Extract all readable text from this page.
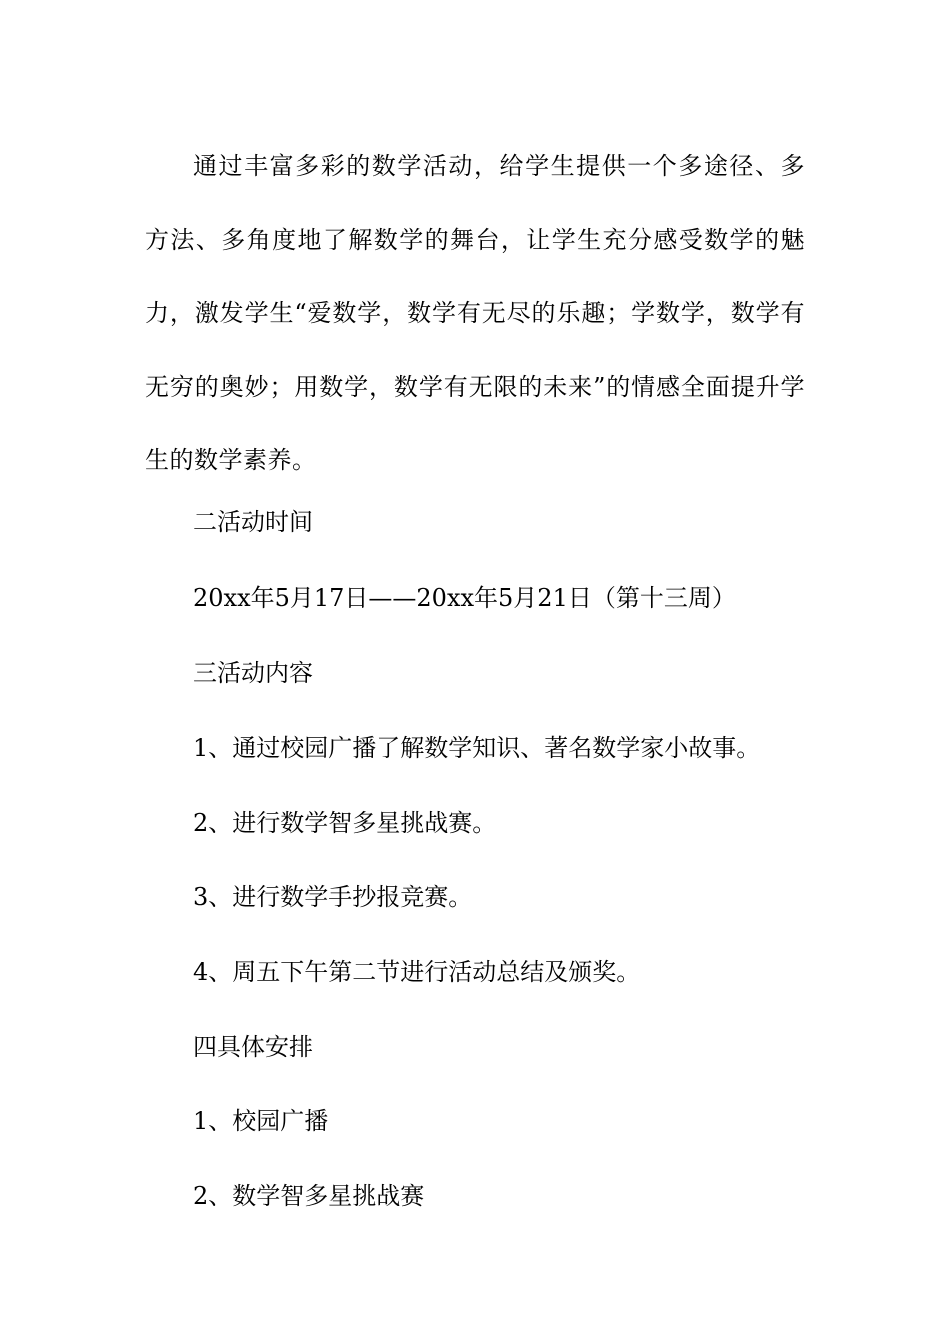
通过丰富多彩的数学活动，给学生提供一个多途径、多方法、多角度地了解数学的舞台，让学生充分感受数学的魅力，激发学生“爱数学，数学有无尽的乐趣；学数学，数学有无穷的奥妙；用数学，数学有无限的未来”的情感全面提升学生的数学素养。

二活动时间

20xx年5月17日——20xx年5月21日（第十三周）

三活动内容

1、通过校园广播了解数学知识、著名数学家小故事。

2、进行数学智多星挑战赛。

3、进行数学手抄报竞赛。

4、周五下午第二节进行活动总结及颁奖。

四具体安排

1、校园广播

2、数学智多星挑战赛
